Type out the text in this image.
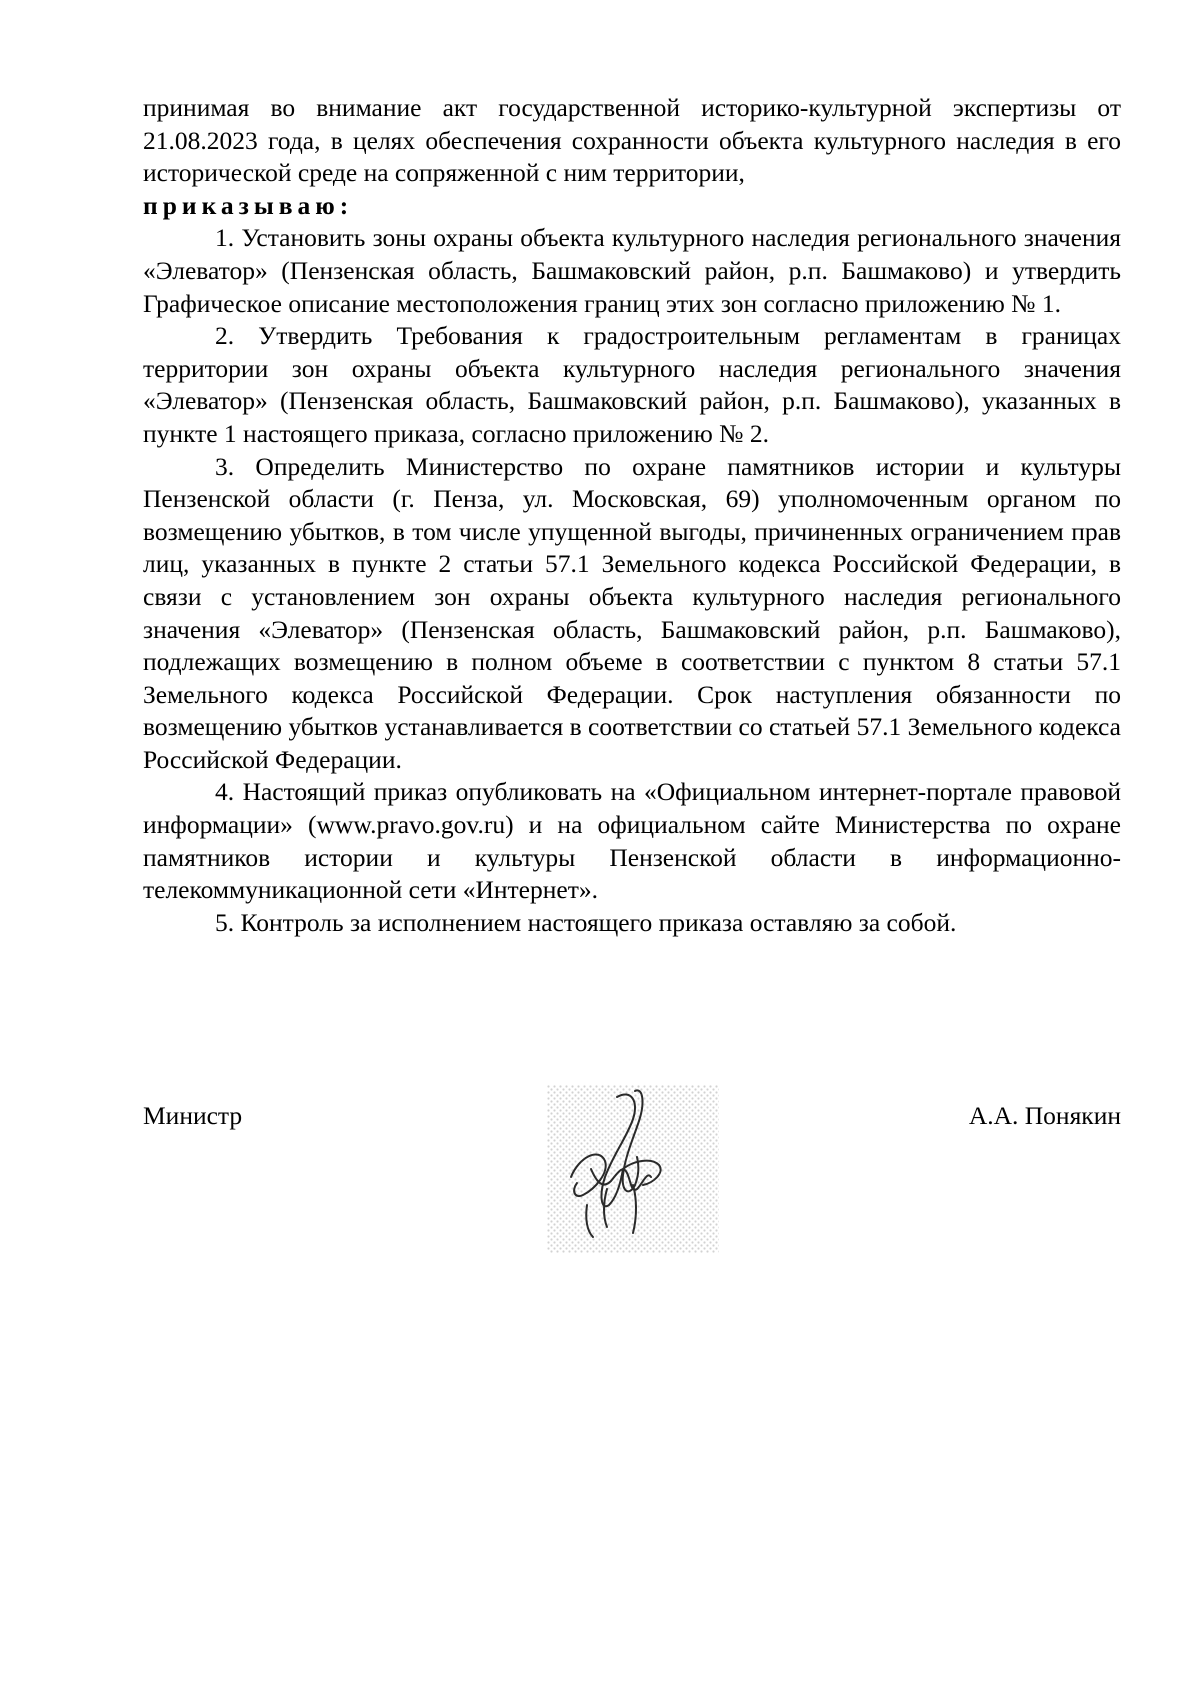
принимая во внимание акт государственной историко-культурной экспертизы от 21.08.2023 года, в целях обеспечения сохранности объекта культурного наследия в его исторической среде на сопряженной с ним территории,

приказываю:

1. Установить зоны охраны объекта культурного наследия регионального значения «Элеватор» (Пензенская область, Башмаковский район, р.п. Башмаково) и утвердить Графическое описание местоположения границ этих зон согласно приложению № 1.

2. Утвердить Требования к градостроительным регламентам в границах территории зон охраны объекта культурного наследия регионального значения «Элеватор» (Пензенская область, Башмаковский район, р.п. Башмаково), указанных в пункте 1 настоящего приказа, согласно приложению № 2.

3. Определить Министерство по охране памятников истории и культуры Пензенской области (г. Пенза, ул. Московская, 69) уполномоченным органом по возмещению убытков, в том числе упущенной выгоды, причиненных ограничением прав лиц, указанных в пункте 2 статьи 57.1 Земельного кодекса Российской Федерации, в связи с установлением зон охраны объекта культурного наследия регионального значения «Элеватор» (Пензенская область, Башмаковский район, р.п. Башмаково), подлежащих возмещению в полном объеме в соответствии с пунктом 8 статьи 57.1 Земельного кодекса Российской Федерации. Срок наступления обязанности по возмещению убытков устанавливается в соответствии со статьей 57.1 Земельного кодекса Российской Федерации.

4. Настоящий приказ опубликовать на «Официальном интернет-портале правовой информации» (www.pravo.gov.ru) и на официальном сайте Министерства по охране памятников истории и культуры Пензенской области в информационно-телекоммуникационной сети «Интернет».

5. Контроль за исполнением настоящего приказа оставляю за собой.

Министр	А.А. Понякин
